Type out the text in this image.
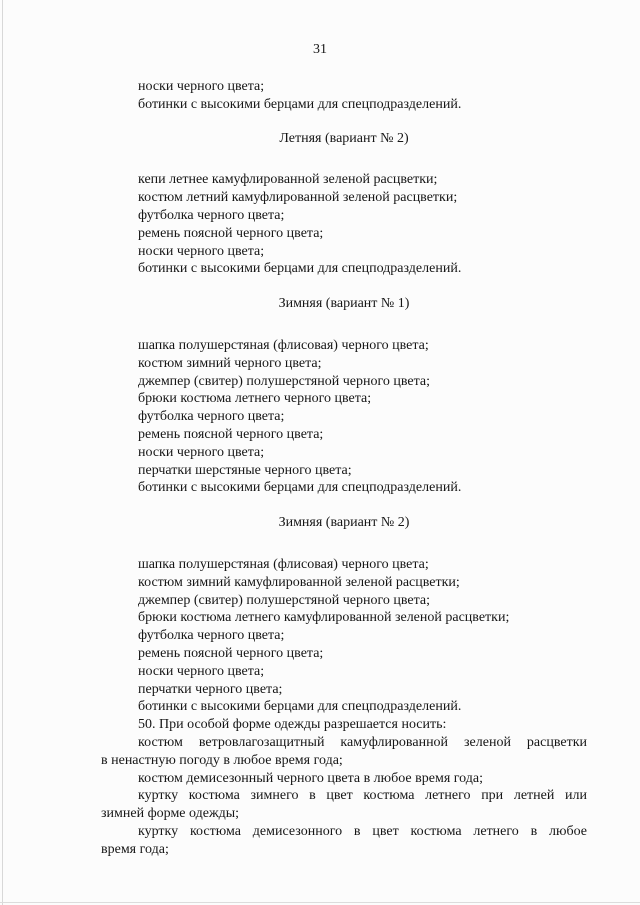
31
носки черного цвета;
ботинки с высокими берцами для спецподразделений.
Летняя (вариант № 2)
кепи летнее камуфлированной зеленой расцветки;
костюм летний камуфлированной зеленой расцветки;
футболка черного цвета;
ремень поясной черного цвета;
носки черного цвета;
ботинки с высокими берцами для спецподразделений.
Зимняя (вариант № 1)
шапка полушерстяная (флисовая) черного цвета;
костюм зимний черного цвета;
джемпер (свитер) полушерстяной черного цвета;
брюки костюма летнего черного цвета;
футболка черного цвета;
ремень поясной черного цвета;
носки черного цвета;
перчатки шерстяные черного цвета;
ботинки с высокими берцами для спецподразделений.
Зимняя (вариант № 2)
шапка полушерстяная (флисовая) черного цвета;
костюм зимний камуфлированной зеленой расцветки;
джемпер (свитер) полушерстяной черного цвета;
брюки костюма летнего камуфлированной зеленой расцветки;
футболка черного цвета;
ремень поясной черного цвета;
носки черного цвета;
перчатки черного цвета;
ботинки с высокими берцами для спецподразделений.
50. При особой форме одежды разрешается носить:
костюм ветровлагозащитный камуфлированной зеленой расцветки
в ненастную погоду в любое время года;
костюм демисезонный черного цвета в любое время года;
куртку костюма зимнего в цвет костюма летнего при летней или
зимней форме одежды;
куртку костюма демисезонного в цвет костюма летнего в любое
время года;
